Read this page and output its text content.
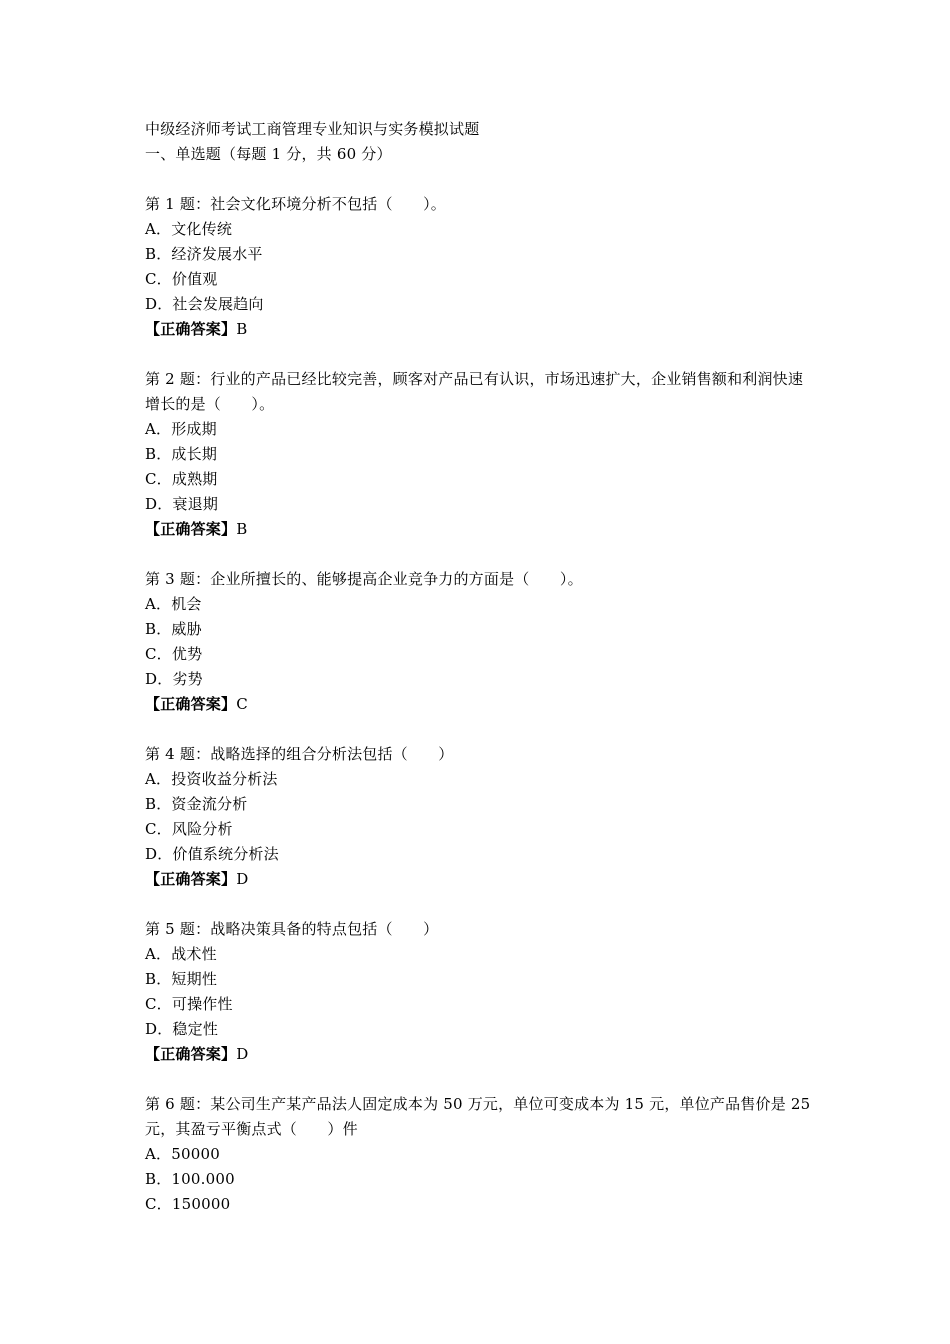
中级经济师考试工商管理专业知识与实务模拟试题
一、单选题（每题 1 分，共 60 分）
第 1 题：社会文化环境分析不包括（　　）。
A．文化传统
B．经济发展水平
C．价值观
D．社会发展趋向
【正确答案】B
第 2 题：行业的产品已经比较完善，顾客对产品已有认识，市场迅速扩大，企业销售额和利润快速增长的是（　　）。
A．形成期
B．成长期
C．成熟期
D．衰退期
【正确答案】B
第 3 题：企业所擅长的、能够提高企业竞争力的方面是（　　）。
A．机会
B．威胁
C．优势
D．劣势
【正确答案】C
第 4 题：战略选择的组合分析法包括（　　）
A．投资收益分析法
B．资金流分析
C．风险分析
D．价值系统分析法
【正确答案】D
第 5 题：战略决策具备的特点包括（　　）
A．战术性
B．短期性
C．可操作性
D．稳定性
【正确答案】D
第 6 题：某公司生产某产品法人固定成本为 50 万元，单位可变成本为 15 元，单位产品售价是 25 元，其盈亏平衡点式（　　）件
A．50000
B．100.000
C．150000
